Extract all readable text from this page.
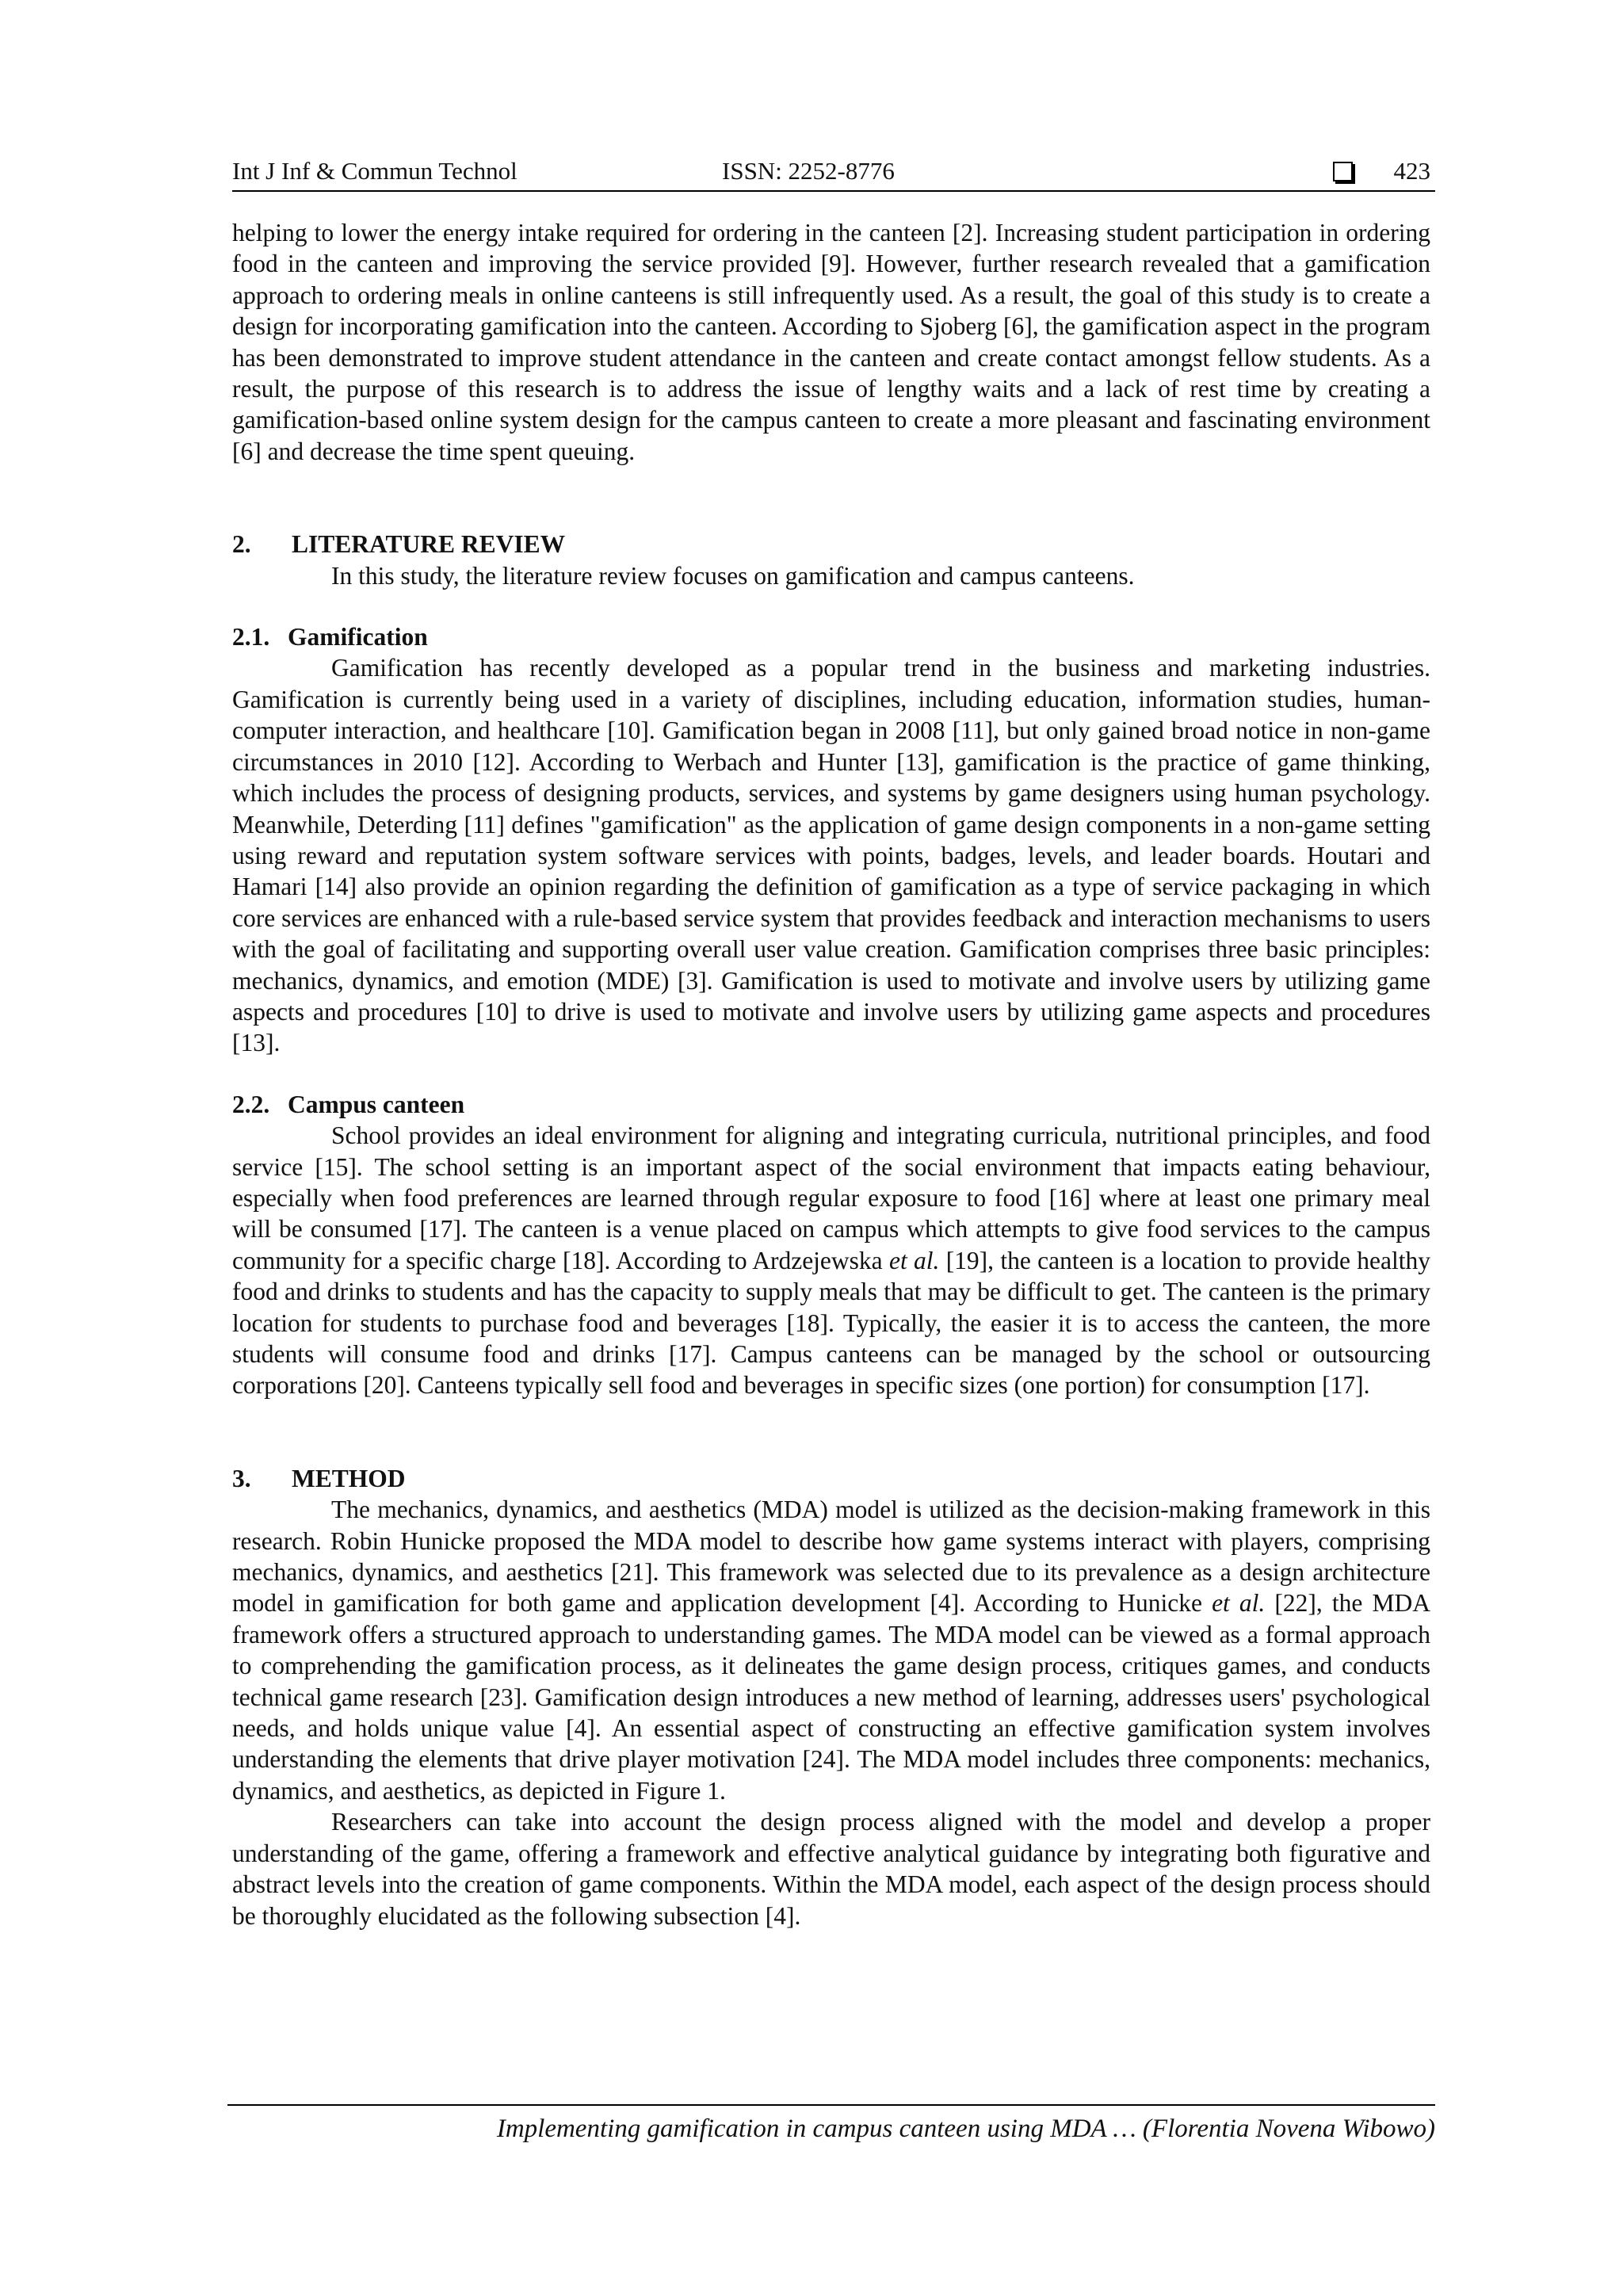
Int J Inf & Commun Technol	ISSN: 2252-8776	423

helping to lower the energy intake required for ordering in the canteen [2]. Increasing student participation in ordering food in the canteen and improving the service provided [9]. However, further research revealed that a gamification approach to ordering meals in online canteens is still infrequently used. As a result, the goal of this study is to create a design for incorporating gamification into the canteen. According to Sjoberg [6], the gamification aspect in the program has been demonstrated to improve student attendance in the canteen and create contact amongst fellow students. As a result, the purpose of this research is to address the issue of lengthy waits and a lack of rest time by creating a gamification-based online system design for the campus canteen to create a more pleasant and fascinating environment [6] and decrease the time spent queuing.

2. LITERATURE REVIEW

In this study, the literature review focuses on gamification and campus canteens.

2.1. Gamification

Gamification has recently developed as a popular trend in the business and marketing industries. Gamification is currently being used in a variety of disciplines, including education, information studies, human-computer interaction, and healthcare [10]. Gamification began in 2008 [11], but only gained broad notice in non-game circumstances in 2010 [12]. According to Werbach and Hunter [13], gamification is the practice of game thinking, which includes the process of designing products, services, and systems by game designers using human psychology. Meanwhile, Deterding [11] defines "gamification" as the application of game design components in a non-game setting using reward and reputation system software services with points, badges, levels, and leader boards. Houtari and Hamari [14] also provide an opinion regarding the definition of gamification as a type of service packaging in which core services are enhanced with a rule-based service system that provides feedback and interaction mechanisms to users with the goal of facilitating and supporting overall user value creation. Gamification comprises three basic principles: mechanics, dynamics, and emotion (MDE) [3]. Gamification is used to motivate and involve users by utilizing game aspects and procedures [10] to drive is used to motivate and involve users by utilizing game aspects and procedures [13].

2.2. Campus canteen

School provides an ideal environment for aligning and integrating curricula, nutritional principles, and food service [15]. The school setting is an important aspect of the social environment that impacts eating behaviour, especially when food preferences are learned through regular exposure to food [16] where at least one primary meal will be consumed [17]. The canteen is a venue placed on campus which attempts to give food services to the campus community for a specific charge [18]. According to Ardzejewska et al. [19], the canteen is a location to provide healthy food and drinks to students and has the capacity to supply meals that may be difficult to get. The canteen is the primary location for students to purchase food and beverages [18]. Typically, the easier it is to access the canteen, the more students will consume food and drinks [17]. Campus canteens can be managed by the school or outsourcing corporations [20]. Canteens typically sell food and beverages in specific sizes (one portion) for consumption [17].

3. METHOD

The mechanics, dynamics, and aesthetics (MDA) model is utilized as the decision-making framework in this research. Robin Hunicke proposed the MDA model to describe how game systems interact with players, comprising mechanics, dynamics, and aesthetics [21]. This framework was selected due to its prevalence as a design architecture model in gamification for both game and application development [4]. According to Hunicke et al. [22], the MDA framework offers a structured approach to understanding games. The MDA model can be viewed as a formal approach to comprehending the gamification process, as it delineates the game design process, critiques games, and conducts technical game research [23]. Gamification design introduces a new method of learning, addresses users' psychological needs, and holds unique value [4]. An essential aspect of constructing an effective gamification system involves understanding the elements that drive player motivation [24]. The MDA model includes three components: mechanics, dynamics, and aesthetics, as depicted in Figure 1.

Researchers can take into account the design process aligned with the model and develop a proper understanding of the game, offering a framework and effective analytical guidance by integrating both figurative and abstract levels into the creation of game components. Within the MDA model, each aspect of the design process should be thoroughly elucidated as the following subsection [4].

Implementing gamification in campus canteen using MDA … (Florentia Novena Wibowo)
